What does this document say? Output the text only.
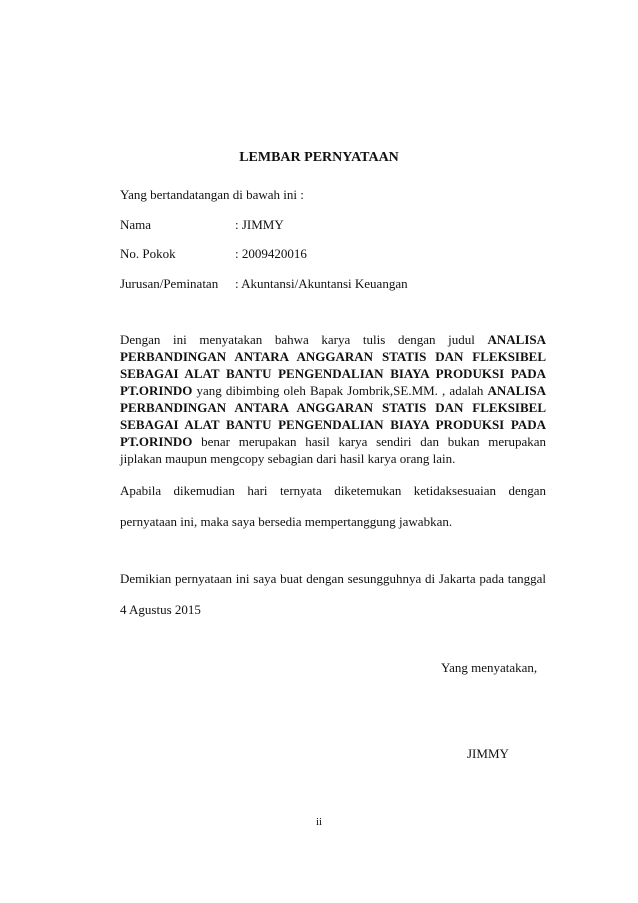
LEMBAR PERNYATAAN
Yang bertandatangan di bawah ini :
Nama	: JIMMY
No. Pokok	: 2009420016
Jurusan/Peminatan : Akuntansi/Akuntansi Keuangan
Dengan ini menyatakan bahwa karya tulis dengan judul ANALISA PERBANDINGAN ANTARA ANGGARAN STATIS DAN FLEKSIBEL SEBAGAI ALAT BANTU PENGENDALIAN BIAYA PRODUKSI PADA PT.ORINDO yang dibimbing oleh Bapak Jombrik,SE.MM. , adalah ANALISA PERBANDINGAN ANTARA ANGGARAN STATIS DAN FLEKSIBEL SEBAGAI ALAT BANTU PENGENDALIAN BIAYA PRODUKSI PADA PT.ORINDO benar merupakan hasil karya sendiri dan bukan merupakan jiplakan maupun mengcopy sebagian dari hasil karya orang lain.
Apabila dikemudian hari ternyata diketemukan ketidaksesuaian dengan
pernyataan ini, maka saya bersedia mempertanggung jawabkan.
Demikian pernyataan ini saya buat dengan sesungguhnya di Jakarta pada tanggal
4 Agustus 2015
Yang menyatakan,
JIMMY
ii
